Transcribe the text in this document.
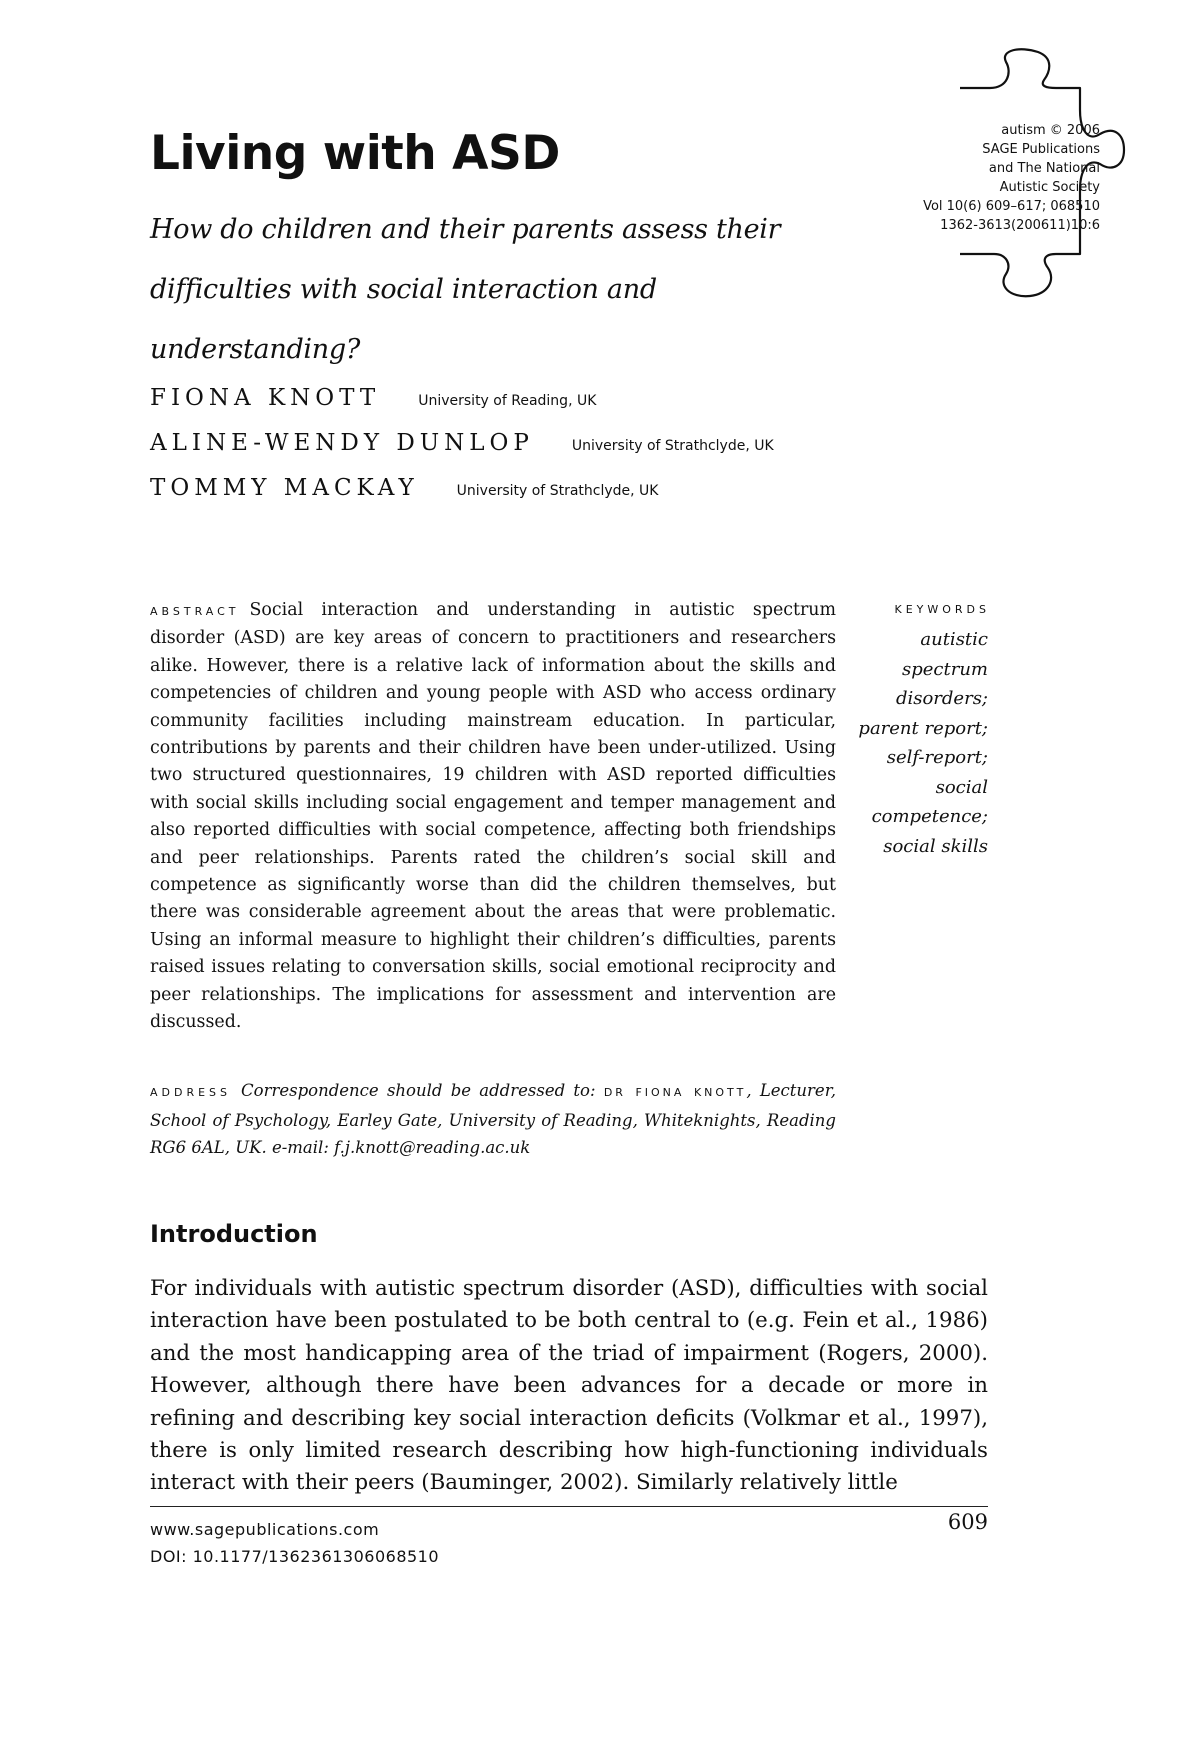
Living with ASD

How do children and their parents assess their difficulties with social interaction and understanding?

autism © 2006
SAGE Publications
and The National
Autistic Society
Vol 10(6) 609–617; 068510
1362-3613(200611)10:6
FIONA KNOTT	University of Reading, UK
ALINE-WENDY DUNLOP	University of Strathclyde, UK
TOMMY MACKAY	University of Strathclyde, UK

ABSTRACT Social interaction and understanding in autistic spectrum disorder (ASD) are key areas of concern to practitioners and researchers alike. However, there is a relative lack of information about the skills and competencies of children and young people with ASD who access ordinary community facilities including mainstream education. In particular, contributions by parents and their children have been under-utilized. Using two structured questionnaires, 19 children with ASD reported difficulties with social skills including social engagement and temper management and also reported difficulties with social competence, affecting both friendships and peer relationships. Parents rated the children’s social skill and competence as significantly worse than did the children themselves, but there was considerable agreement about the areas that were problematic. Using an informal measure to highlight their children’s difficulties, parents raised issues relating to conversation skills, social emotional reciprocity and peer relationships. The implications for assessment and intervention are discussed.

ADDRESS Correspondence should be addressed to: DR FIONA KNOTT, Lecturer, School of Psychology, Earley Gate, University of Reading, Whiteknights, Reading RG6 6AL, UK. e-mail: f.j.knott@reading.ac.uk

KEYWORDS
autistic spectrum disorders;
parent report;
self-report;
social competence;
social skills
Introduction

For individuals with autistic spectrum disorder (ASD), difficulties with social interaction have been postulated to be both central to (e.g. Fein et al., 1986) and the most handicapping area of the triad of impairment (Rogers, 2000). However, although there have been advances for a decade or more in refining and describing key social interaction deficits (Volkmar et al., 1997), there is only limited research describing how high-functioning individuals interact with their peers (Bauminger, 2002). Similarly relatively little

www.sagepublications.com
DOI: 10.1177/1362361306068510
609
